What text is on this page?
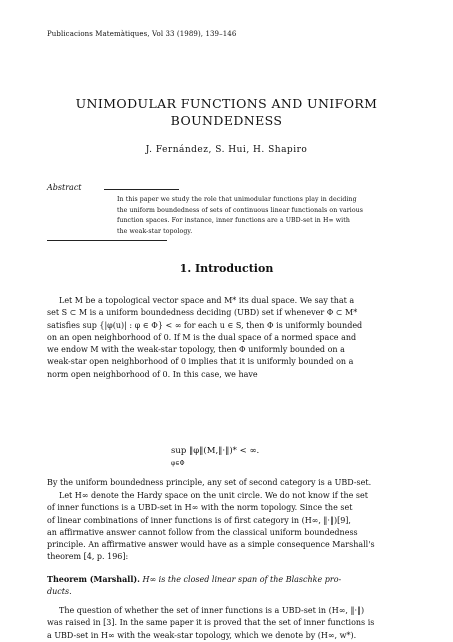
Publicacions Matemàtiques, Vol 33 (1989), 139–146
UNIMODULAR FUNCTIONS AND UNIFORM
BOUNDEDNESS
J. Fernández, S. Hui, H. Shapiro
Abstract
In this paper we study the role that unimodular functions play in deciding
the uniform boundedness of sets of continuous linear functionals on various
function spaces. For instance, inner functions are a UBD-set in H∞ with
the weak-star topology.
1. Introduction
Let M be a topological vector space and M* its dual space. We say that a
set S ⊂ M is a uniform boundedness deciding (UBD) set if whenever Φ ⊂ M*
satisfies sup {|φ(u)| : φ ∈ Φ} < ∞ for each u ∈ S, then Φ is uniformly bounded
on an open neighborhood of 0. If M is the dual space of a normed space and
we endow M with the weak-star topology, then Φ uniformly bounded on a
weak-star open neighborhood of 0 implies that it is uniformly bounded on a
norm open neighborhood of 0. In this case, we have
sup ‖φ‖(M,‖·‖)* < ∞.
φ∈Φ
By the uniform boundedness principle, any set of second category is a UBD-set.
Let H∞ denote the Hardy space on the unit circle. We do not know if the set
of inner functions is a UBD-set in H∞ with the norm topology. Since the set
of linear combinations of inner functions is of first category in (H∞, ‖·‖)[9],
an affirmative answer cannot follow from the classical uniform boundedness
principle. An affirmative answer would have as a simple consequence Marshall's
theorem [4, p. 196]:
Theorem (Marshall). H∞ is the closed linear span of the Blaschke pro-
ducts.
The question of whether the set of inner functions is a UBD-set in (H∞, ‖·‖)
was raised in [3]. In the same paper it is proved that the set of inner functions is
a UBD-set in H∞ with the weak-star topology, which we denote by (H∞, w*).
